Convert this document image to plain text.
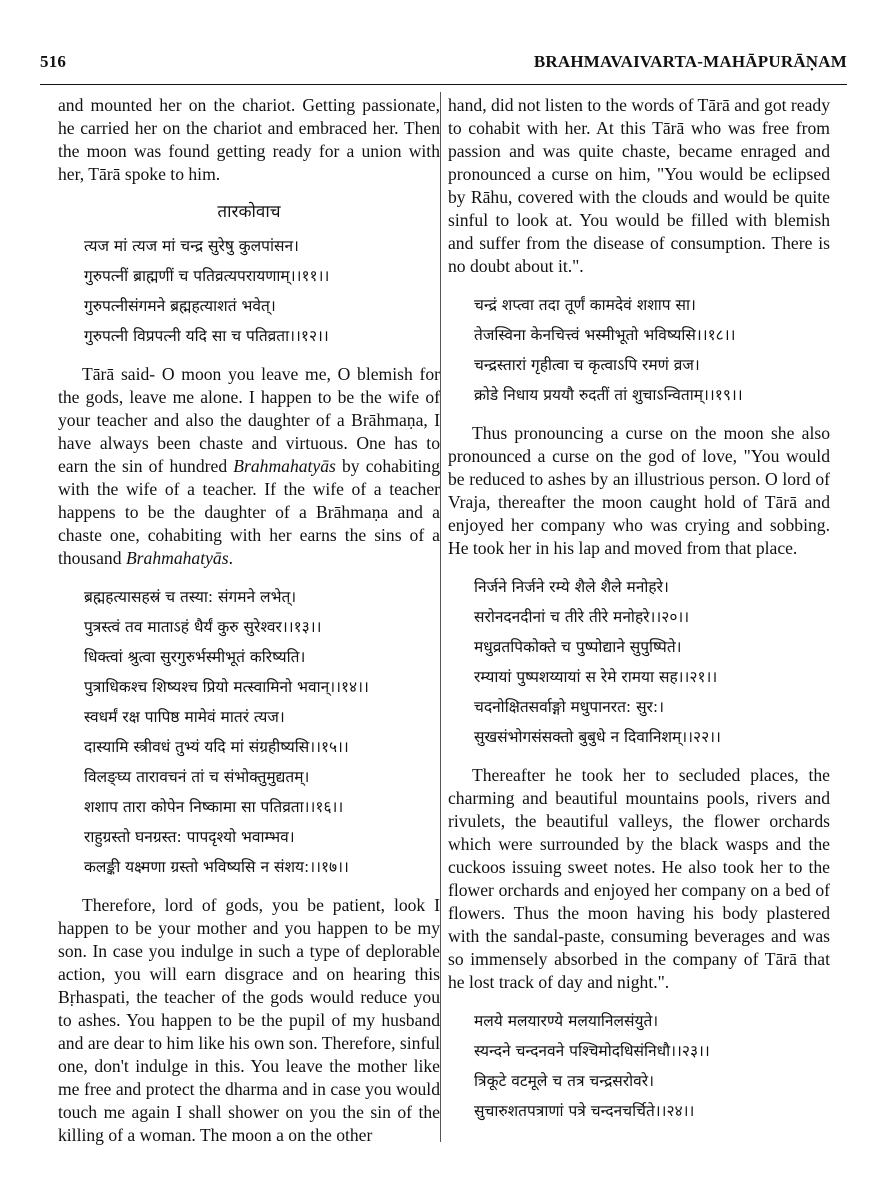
516	BRAHMAVAIVARTA-MAHĀPURĀṆAM

and mounted her on the chariot. Getting passionate, he carried her on the chariot and embraced her. Then the moon was found getting ready for a union with her, Tārā spoke to him.

तारकोवाच
त्यज मां त्यज मां चन्द्र सुरेषु कुलपांसन।
गुरुपत्नीं ब्राह्मणीं च पतिव्रत्यपरायणाम्।।११।।
गुरुपत्नीसंगमने ब्रह्महत्याशतं भवेत्।
गुरुपत्नी विप्रपत्नी यदि सा च पतिव्रता।।१२।।

Tārā said- O moon you leave me, O blemish for the gods, leave me alone. I happen to be the wife of your teacher and also the daughter of a Brāhmaṇa, I have always been chaste and virtuous. One has to earn the sin of hundred Brahmahatyās by cohabiting with the wife of a teacher. If the wife of a teacher happens to be the daughter of a Brāhmaṇa and a chaste one, cohabiting with her earns the sins of a thousand Brahmahatyās.

ब्रह्महत्यासहस्रं च तस्या: संगमने लभेत्।
पुत्रस्त्वं तव माताऽहं धैर्यं कुरु सुरेश्वर।।१३।।
धिक्त्वां श्रुत्वा सुरगुरुर्भस्मीभूतं करिष्यति।
पुत्राधिकश्च शिष्यश्च प्रियो मत्स्वामिनो भवान्।।१४।।
स्वधर्मं रक्ष पापिष्ठ मामेवं मातरं त्यज।
दास्यामि स्त्रीवधं तुभ्यं यदि मां संग्रहीष्यसि।।१५।।
विलङ्घ्य तारावचनं तां च संभोक्तुमुद्यतम्।
शशाप तारा कोपेन निष्कामा सा पतिव्रता।।१६।।
राहुग्रस्तो घनग्रस्त: पापदृश्यो भवाम्भव।
कलङ्की यक्ष्मणा ग्रस्तो भविष्यसि न संशय:।।१७।।

Therefore, lord of gods, you be patient, look I happen to be your mother and you happen to be my son. In case you indulge in such a type of deplorable action, you will earn disgrace and on hearing this Bṛhaspati, the teacher of the gods would reduce you to ashes. You happen to be the pupil of my husband and are dear to him like his own son. Therefore, sinful one, don't indulge in this. You leave the mother like me free and protect the dharma and in case you would touch me again I shall shower on you the sin of the killing of a woman. The moon a on the other

hand, did not listen to the words of Tārā and got ready to cohabit with her. At this Tārā who was free from passion and was quite chaste, became enraged and pronounced a curse on him, "You would be eclipsed by Rāhu, covered with the clouds and would be quite sinful to look at. You would be filled with blemish and suffer from the disease of consumption. There is no doubt about it.".

चन्द्रं शप्त्वा तदा तूर्णं कामदेवं शशाप सा।
तेजस्विना केनचित्त्वं भस्मीभूतो भविष्यसि।।१८।।
चन्द्रस्तारां गृहीत्वा च कृत्वाऽपि रमणं व्रज।
क्रोडे निधाय प्रययौ रुदतीं तां शुचाऽन्विताम्।।१९।।

Thus pronouncing a curse on the moon she also pronounced a curse on the god of love, "You would be reduced to ashes by an illustrious person. O lord of Vraja, thereafter the moon caught hold of Tārā and enjoyed her company who was crying and sobbing. He took her in his lap and moved from that place.

निर्जने निर्जने रम्ये शैले शैले मनोहरे।
सरोनदनदीनां च तीरे तीरे मनोहरे।।२०।।
मधुव्रतपिकोक्ते च पुष्पोद्याने सुपुष्पिते।
रम्यायां पुष्पशय्यायां स रेमे रामया सह।।२१।।
चदनोक्षितसर्वाङ्गो मधुपानरत: सुर:।
सुखसंभोगसंसक्तो बुबुधे न दिवानिशम्।।२२।।

Thereafter he took her to secluded places, the charming and beautiful mountains pools, rivers and rivulets, the beautiful valleys, the flower orchards which were surrounded by the black wasps and the cuckoos issuing sweet notes. He also took her to the flower orchards and enjoyed her company on a bed of flowers. Thus the moon having his body plastered with the sandal-paste, consuming beverages and was so immensely absorbed in the company of Tārā that he lost track of day and night.".

मलये मलयारण्ये मलयानिलसंयुते।
स्यन्दने चन्दनवने पश्चिमोदधिसंनिधौ।।२३।।
त्रिकूटे वटमूले च तत्र चन्द्रसरोवरे।
सुचारुशतपत्राणां पत्रे चन्दनचर्चिते।।२४।।
